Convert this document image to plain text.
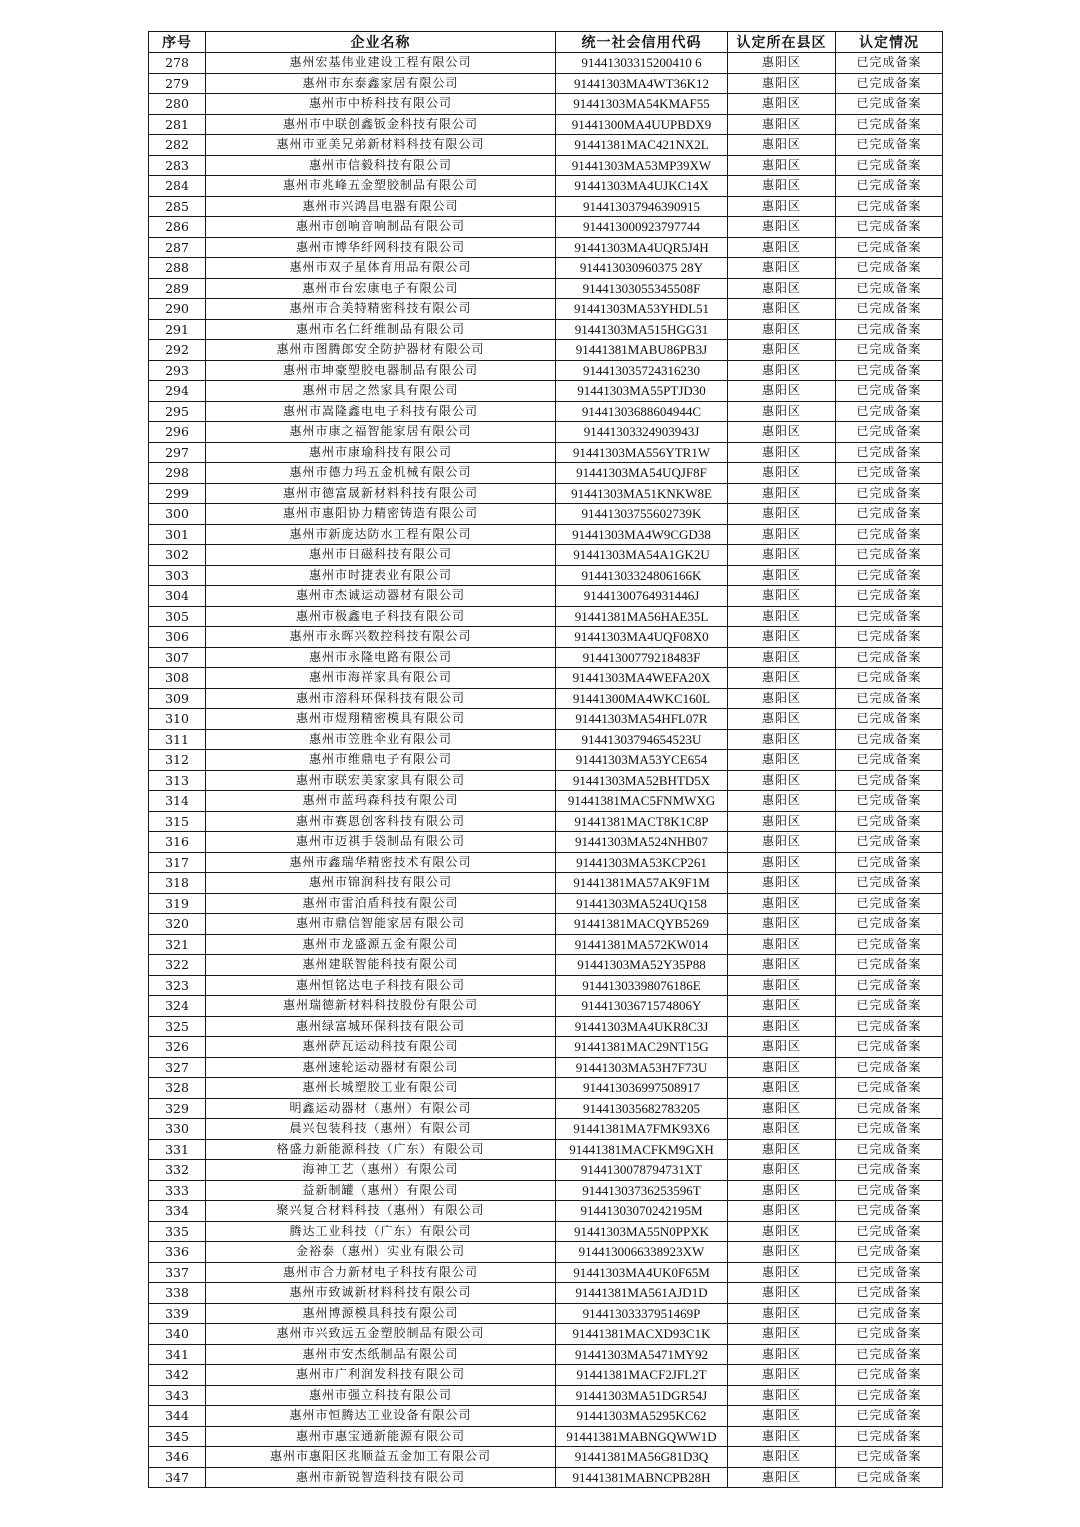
序号	企业名称	统一社会信用代码	认定所在县区	认定情况
278	惠州宏基伟业建设工程有限公司	91441303315200410 6	惠阳区	已完成备案
279	惠州市东泰鑫家居有限公司	91441303MA4WT36K12	惠阳区	已完成备案
280	惠州市中桥科技有限公司	91441303MA54KMAF55	惠阳区	已完成备案
281	惠州市中联创鑫钣金科技有限公司	91441300MA4UUPBDX9	惠阳区	已完成备案
282	惠州市亚美兄弟新材料科技有限公司	91441381MAC421NX2L	惠阳区	已完成备案
283	惠州市信毅科技有限公司	91441303MA53MP39XW	惠阳区	已完成备案
284	惠州市兆峰五金塑胶制品有限公司	91441303MA4UJKC14X	惠阳区	已完成备案
285	惠州市兴鸿昌电器有限公司	914413037946390915	惠阳区	已完成备案
286	惠州市创响音响制品有限公司	914413000923797744	惠阳区	已完成备案
287	惠州市博华纤网科技有限公司	91441303MA4UQR5J4H	惠阳区	已完成备案
288	惠州市双子星体育用品有限公司	914413030960375 28Y	惠阳区	已完成备案
289	惠州市台宏康电子有限公司	91441303055345508F	惠阳区	已完成备案
290	惠州市合美特精密科技有限公司	91441303MA53YHDL51	惠阳区	已完成备案
291	惠州市名仁纤维制品有限公司	91441303MA515HGG31	惠阳区	已完成备案
292	惠州市图腾郎安全防护器材有限公司	91441381MABU86PB3J	惠阳区	已完成备案
293	惠州市坤豪塑胶电器制品有限公司	914413035724316230	惠阳区	已完成备案
294	惠州市居之然家具有限公司	91441303MA55PTJD30	惠阳区	已完成备案
295	惠州市嵩隆鑫电电子科技有限公司	91441303688604944C	惠阳区	已完成备案
296	惠州市康之福智能家居有限公司	91441303324903943J	惠阳区	已完成备案
297	惠州市康瑜科技有限公司	91441303MA556YTR1W	惠阳区	已完成备案
298	惠州市德力玛五金机械有限公司	91441303MA54UQJF8F	惠阳区	已完成备案
299	惠州市德富晟新材料科技有限公司	91441303MA51KNKW8E	惠阳区	已完成备案
300	惠州市惠阳协力精密铸造有限公司	91441303755602739K	惠阳区	已完成备案
301	惠州市新庞达防水工程有限公司	91441303MA4W9CGD38	惠阳区	已完成备案
302	惠州市日磁科技有限公司	91441303MA54A1GK2U	惠阳区	已完成备案
303	惠州市时捷表业有限公司	91441303324806166K	惠阳区	已完成备案
304	惠州市杰诚运动器材有限公司	91441300764931446J	惠阳区	已完成备案
305	惠州市极鑫电子科技有限公司	91441381MA56HAE35L	惠阳区	已完成备案
306	惠州市永晖兴数控科技有限公司	91441303MA4UQF08X0	惠阳区	已完成备案
307	惠州市永隆电路有限公司	91441300779218483F	惠阳区	已完成备案
308	惠州市海祥家具有限公司	91441303MA4WEFA20X	惠阳区	已完成备案
309	惠州市溶科环保科技有限公司	91441300MA4WKC160L	惠阳区	已完成备案
310	惠州市煜翔精密模具有限公司	91441303MA54HFL07R	惠阳区	已完成备案
311	惠州市笠胜伞业有限公司	91441303794654523U	惠阳区	已完成备案
312	惠州市维鼎电子有限公司	91441303MA53YCE654	惠阳区	已完成备案
313	惠州市联宏美家家具有限公司	91441303MA52BHTD5X	惠阳区	已完成备案
314	惠州市蓝玛森科技有限公司	91441381MAC5FNMWXG	惠阳区	已完成备案
315	惠州市赛恩创客科技有限公司	91441381MACT8K1C8P	惠阳区	已完成备案
316	惠州市迈祺手袋制品有限公司	91441303MA524NHB07	惠阳区	已完成备案
317	惠州市鑫瑞华精密技术有限公司	91441303MA53KCP261	惠阳区	已完成备案
318	惠州市锦润科技有限公司	91441381MA57AK9F1M	惠阳区	已完成备案
319	惠州市雷泊盾科技有限公司	91441303MA524UQ158	惠阳区	已完成备案
320	惠州市鼎信智能家居有限公司	91441381MACQYB5269	惠阳区	已完成备案
321	惠州市龙盛源五金有限公司	91441381MA572KW014	惠阳区	已完成备案
322	惠州建联智能科技有限公司	91441303MA52Y35P88	惠阳区	已完成备案
323	惠州恒铭达电子科技有限公司	91441303398076186E	惠阳区	已完成备案
324	惠州瑞德新材料科技股份有限公司	91441303671574806Y	惠阳区	已完成备案
325	惠州绿富城环保科技有限公司	91441303MA4UKR8C3J	惠阳区	已完成备案
326	惠州萨瓦运动科技有限公司	91441381MAC29NT15G	惠阳区	已完成备案
327	惠州速轮运动器材有限公司	91441303MA53H7F73U	惠阳区	已完成备案
328	惠州长城塑胶工业有限公司	914413036997508917	惠阳区	已完成备案
329	明鑫运动器材（惠州）有限公司	914413035682783205	惠阳区	已完成备案
330	晨兴包装科技（惠州）有限公司	91441381MA7FMK93X6	惠阳区	已完成备案
331	格盛力新能源科技（广东）有限公司	91441381MACFKM9GXH	惠阳区	已完成备案
332	海神工艺（惠州）有限公司	9144130078794731XT	惠阳区	已完成备案
333	益新制罐（惠州）有限公司	91441303736253596T	惠阳区	已完成备案
334	聚兴复合材料科技（惠州）有限公司	91441303070242195M	惠阳区	已完成备案
335	腾达工业科技（广东）有限公司	91441303MA55N0PPXK	惠阳区	已完成备案
336	金裕泰（惠州）实业有限公司	9144130066338923XW	惠阳区	已完成备案
337	惠州市合力新材电子科技有限公司	91441303MA4UK0F65M	惠阳区	已完成备案
338	惠州市致诚新材料科技有限公司	91441381MA561AJD1D	惠阳区	已完成备案
339	惠州博源模具科技有限公司	91441303337951469P	惠阳区	已完成备案
340	惠州市兴致远五金塑胶制品有限公司	91441381MACXD93C1K	惠阳区	已完成备案
341	惠州市安杰纸制品有限公司	91441303MA5471MY92	惠阳区	已完成备案
342	惠州市广利润发科技有限公司	91441381MACF2JFL2T	惠阳区	已完成备案
343	惠州市强立科技有限公司	91441303MA51DGR54J	惠阳区	已完成备案
344	惠州市恒腾达工业设备有限公司	91441303MA5295KC62	惠阳区	已完成备案
345	惠州市惠宝通新能源有限公司	91441381MABNGQWW1D	惠阳区	已完成备案
346	惠州市惠阳区兆顺益五金加工有限公司	91441381MA56G81D3Q	惠阳区	已完成备案
347	惠州市新锐智造科技有限公司	91441381MABNCPB28H	惠阳区	已完成备案
